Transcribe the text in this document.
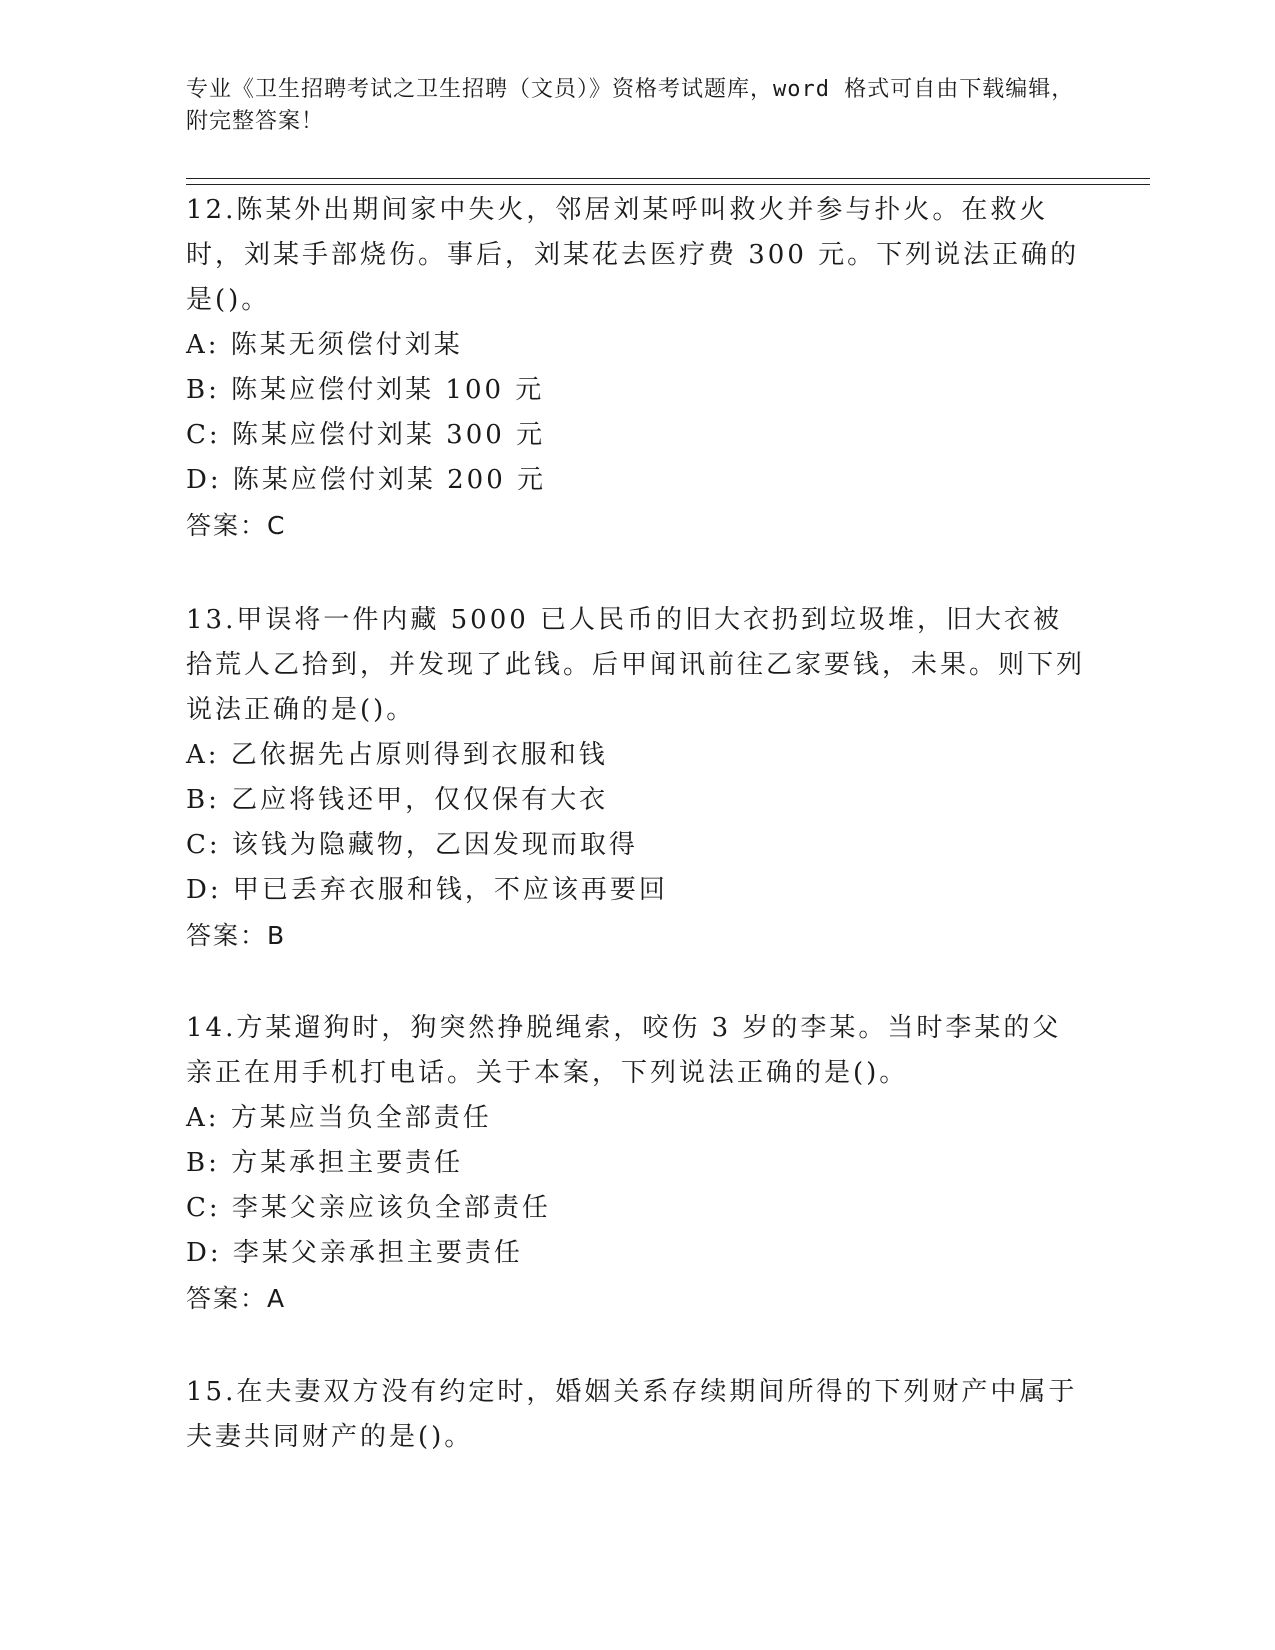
专业《卫生招聘考试之卫生招聘（文员）》资格考试题库，word 格式可自由下载编辑，附完整答案！

12.陈某外出期间家中失火，邻居刘某呼叫救火并参与扑火。在救火时，刘某手部烧伤。事后，刘某花去医疗费 300 元。下列说法正确的是()。

A: 陈某无须偿付刘某

B: 陈某应偿付刘某 100 元

C: 陈某应偿付刘某 300 元

D: 陈某应偿付刘某 200 元

答案：C

13.甲误将一件内藏 5000 已人民币的旧大衣扔到垃圾堆，旧大衣被拾荒人乙拾到，并发现了此钱。后甲闻讯前往乙家要钱，未果。则下列说法正确的是()。

A: 乙依据先占原则得到衣服和钱

B: 乙应将钱还甲，仅仅保有大衣

C: 该钱为隐藏物，乙因发现而取得

D: 甲已丢弃衣服和钱，不应该再要回

答案：B

14.方某遛狗时，狗突然挣脱绳索，咬伤 3 岁的李某。当时李某的父亲正在用手机打电话。关于本案，下列说法正确的是()。

A: 方某应当负全部责任

B: 方某承担主要责任

C: 李某父亲应该负全部责任

D: 李某父亲承担主要责任

答案：A

15.在夫妻双方没有约定时，婚姻关系存续期间所得的下列财产中属于夫妻共同财产的是()。
